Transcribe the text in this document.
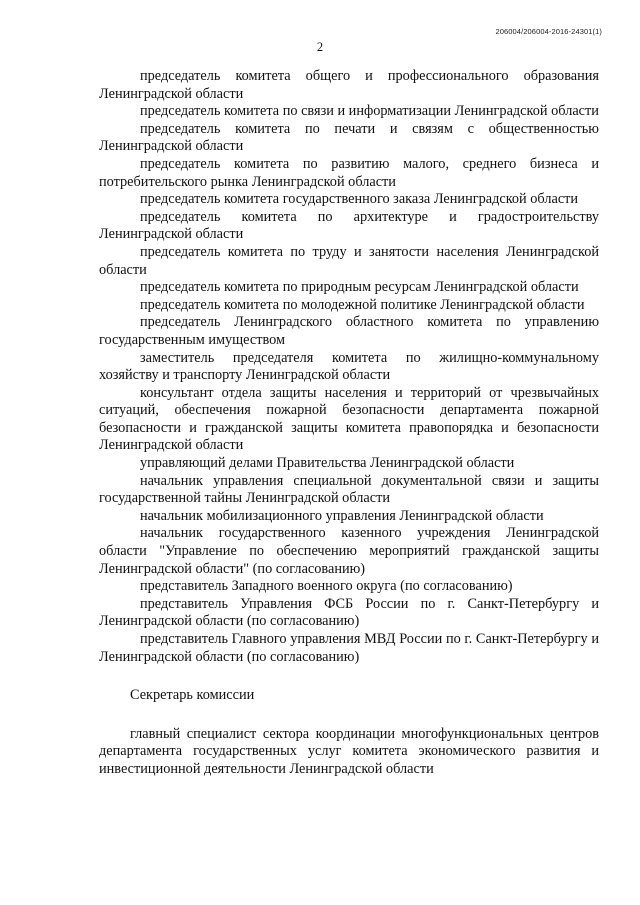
206004/206004-2016-24301(1)
2

председатель комитета общего и профессионального образования Ленинградской области

председатель комитета по связи и информатизации Ленинградской области

председатель комитета по печати и связям с общественностью Ленинградской области

председатель комитета по развитию малого, среднего бизнеса и потребительского рынка Ленинградской области

председатель комитета государственного заказа Ленинградской области

председатель комитета по архитектуре и градостроительству Ленинградской области

председатель комитета по труду и занятости населения Ленинградской области

председатель комитета по природным ресурсам Ленинградской области

председатель комитета по молодежной политике Ленинградской области

председатель Ленинградского областного комитета по управлению государственным имуществом

заместитель председателя комитета по жилищно-коммунальному хозяйству и транспорту Ленинградской области

консультант отдела защиты населения и территорий от чрезвычайных ситуаций, обеспечения пожарной безопасности департамента пожарной безопасности и гражданской защиты комитета правопорядка и безопасности Ленинградской области

управляющий делами Правительства Ленинградской области

начальник управления специальной документальной связи и защиты государственной тайны Ленинградской области

начальник мобилизационного управления Ленинградской области

начальник государственного казенного учреждения Ленинградской области "Управление по обеспечению мероприятий гражданской защиты Ленинградской области" (по согласованию)

представитель Западного военного округа (по согласованию)

представитель Управления ФСБ России по г. Санкт-Петербургу и Ленинградской области (по согласованию)

представитель Главного управления МВД России по г. Санкт-Петербургу и Ленинградской области (по согласованию)

Секретарь комиссии

главный специалист сектора координации многофункциональных центров департамента государственных услуг комитета экономического развития и инвестиционной деятельности Ленинградской области
